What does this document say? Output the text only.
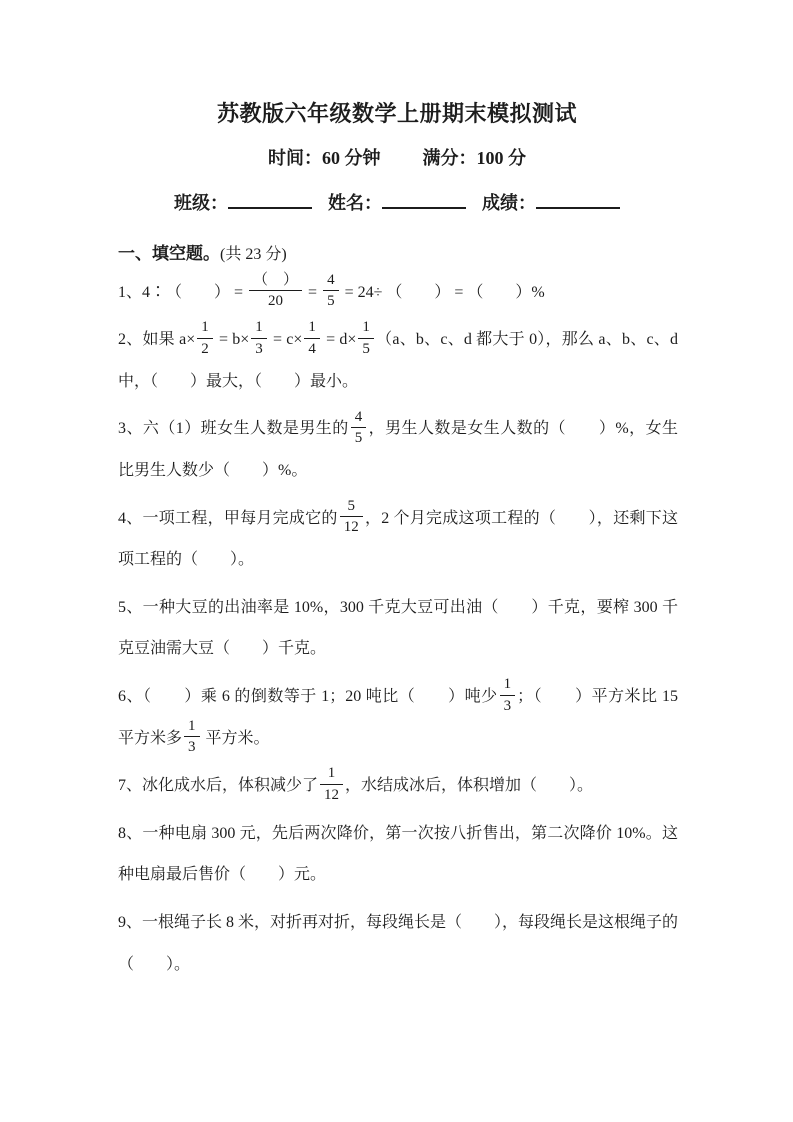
苏教版六年级数学上册期末模拟测试
时间：60 分钟 满分：100 分
班级：	姓名：	成绩：
一、填空题。(共 23 分)

1、4∶（　　） = $\frac{( )}{20} = \frac{4}{5} = 24\div$ （　　） = （　　）%

2、如果 $a\times \frac{1}{2} = b\times \frac{1}{3} = c\times \frac{1}{4} = d\times \frac{1}{5} (a$、b、c、d 都大于 0），那么 a、b、c、d 中，（　　）最大，（　　）最小。

3、六（1）班女生人数是男生的 $\frac{4}{5}$ ，男生人数是女生人数的（　　）%，女生比男生人数少（　　）%。

4、一项工程，甲每月完成它的 $\frac{5}{12}$ ，2 个月完成这项工程的（　　），还剩下这项工程的（　　）。

5、一种大豆的出油率是 10%，300 千克大豆可出油（　　）千克，要榨 300 千克豆油需大豆（　　）千克。

6、（　　）乘 6 的倒数等于 1；20 吨比（　　）吨少 $\frac{1}{3}$ ；（　　）平方米比 15 平方米多 $\frac{1}{3}$ 平方米。

7、冰化成水后，体积减少了 $\frac{1}{12}$ ，水结成冰后，体积增加（　　）。

8、一种电扇 300 元，先后两次降价，第一次按八折售出，第二次降价 10%。这种电扇最后售价（　　）元。

9、一根绳子长 8 米，对折再对折，每段绳长是（　　），每段绳长是这根绳子的（　　）。
